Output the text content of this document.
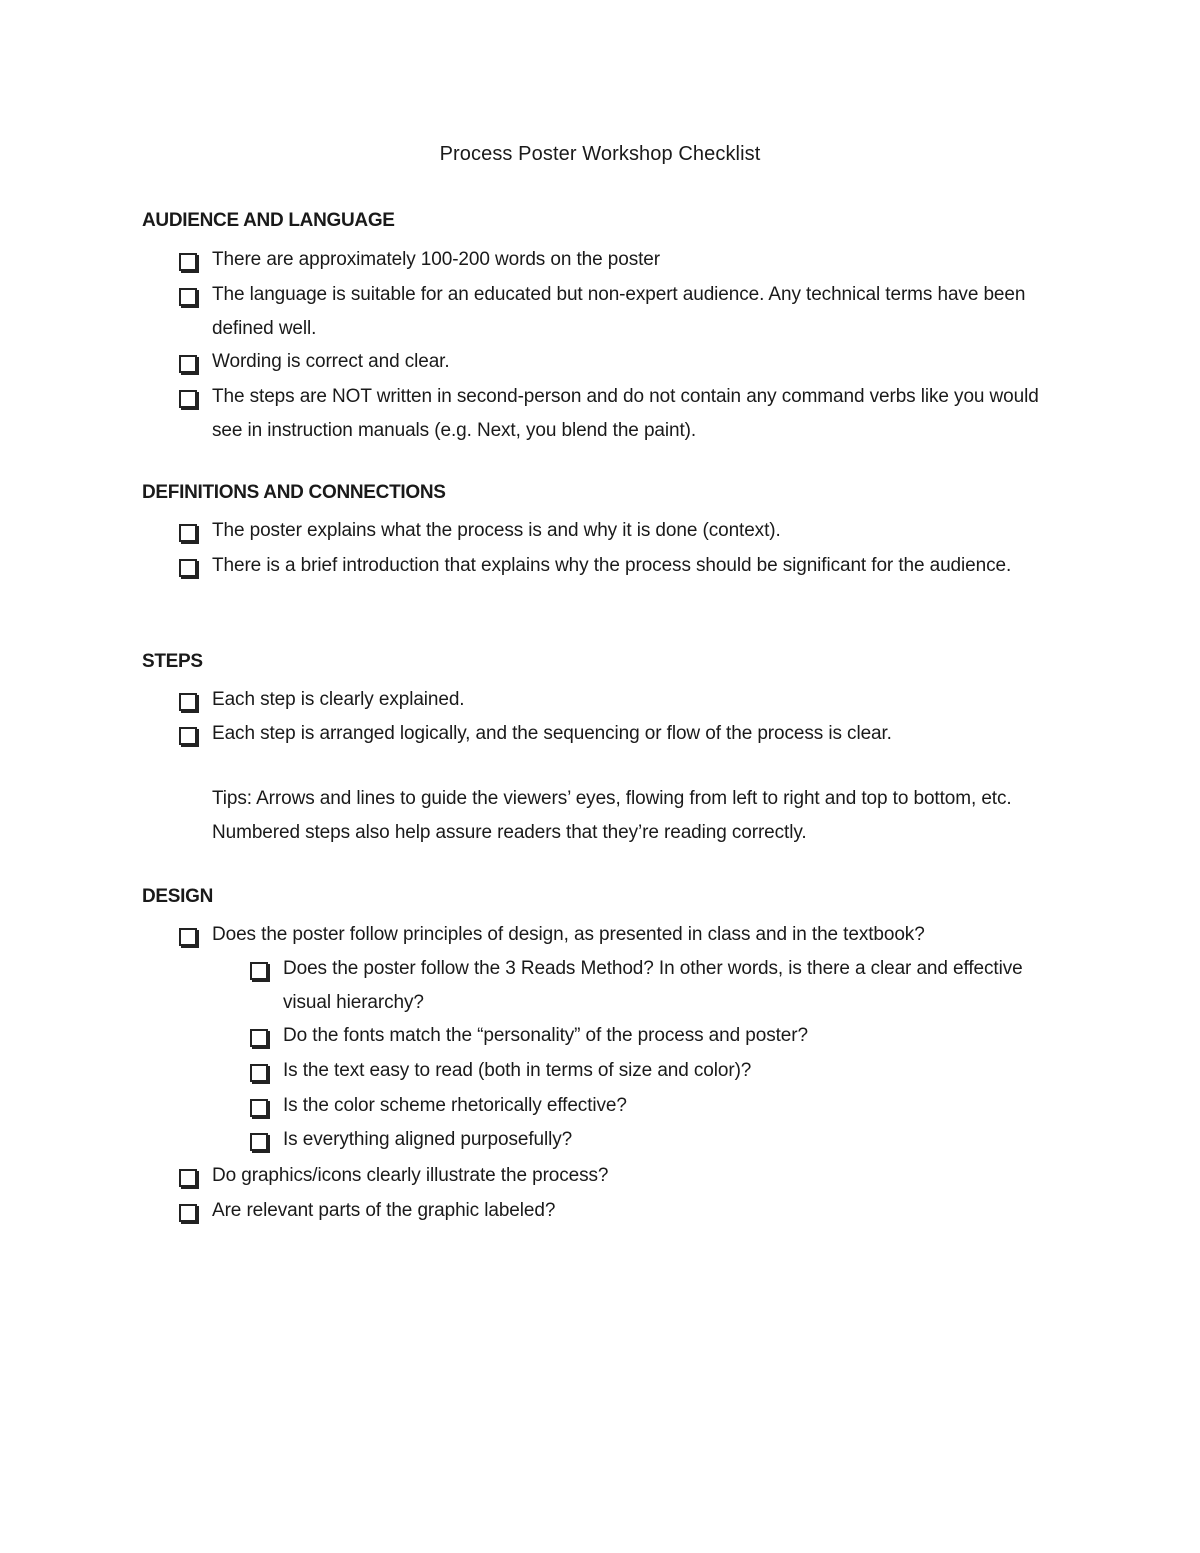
Process Poster Workshop Checklist
AUDIENCE AND LANGUAGE
There are approximately 100-200 words on the poster
The language is suitable for an educated but non-expert audience. Any technical terms have been defined well.
Wording is correct and clear.
The steps are NOT written in second-person and do not contain any command verbs like you would see in instruction manuals (e.g. Next, you blend the paint).
DEFINITIONS AND CONNECTIONS
The poster explains what the process is and why it is done (context).
There is a brief introduction that explains why the process should be significant for the audience.
STEPS
Each step is clearly explained.
Each step is arranged logically, and the sequencing or flow of the process is clear.
Tips: Arrows and lines to guide the viewers’ eyes, flowing from left to right and top to bottom, etc. Numbered steps also help assure readers that they’re reading correctly.
DESIGN
Does the poster follow principles of design, as presented in class and in the textbook?
Does the poster follow the 3 Reads Method? In other words, is there a clear and effective visual hierarchy?
Do the fonts match the “personality” of the process and poster?
Is the text easy to read (both in terms of size and color)?
Is the color scheme rhetorically effective?
Is everything aligned purposefully?
Do graphics/icons clearly illustrate the process?
Are relevant parts of the graphic labeled?
